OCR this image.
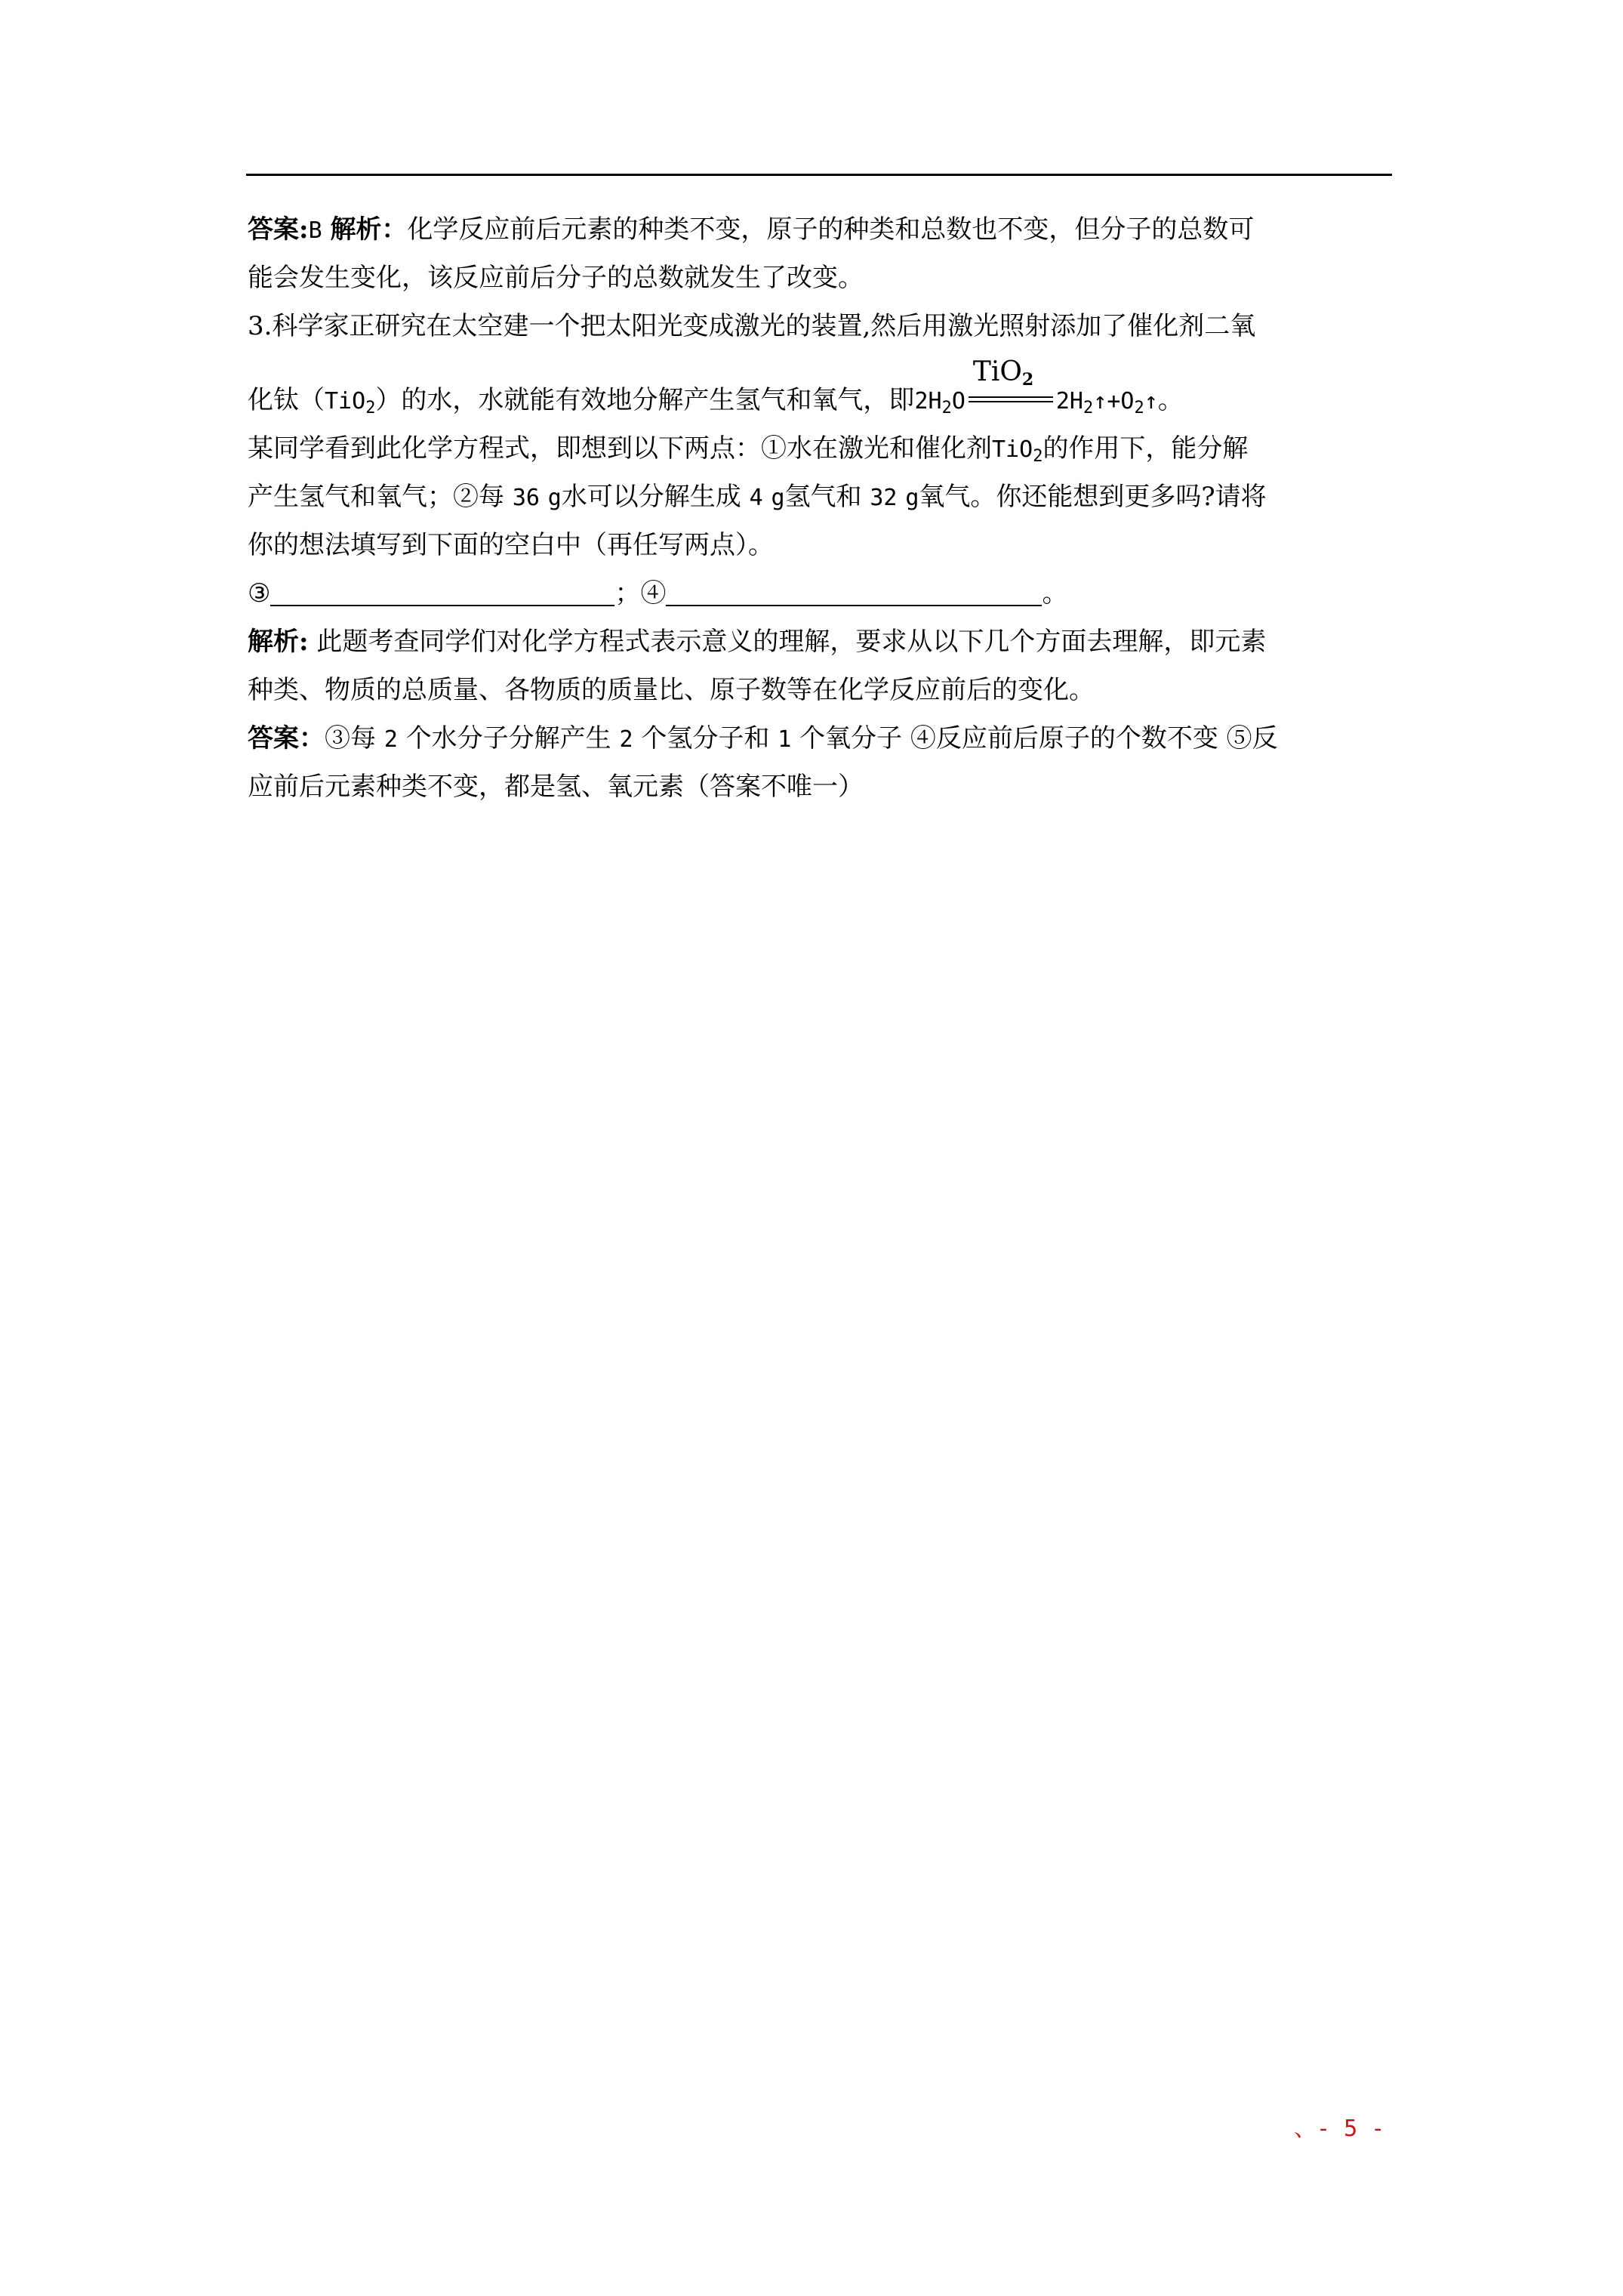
答案:B 解析：化学反应前后元素的种类不变，原子的种类和总数也不变，但分子的总数可
能会发生变化，该反应前后分子的总数就发生了改变。
3.科学家正研究在太空建一个把太阳光变成激光的装置,然后用激光照射添加了催化剂二氧
化钛（TiO$_2$）的水，水就能有效地分解产生氢气和氧气，即$2H_2O$
TiO2
$2H_2↑+O_2↑$。
某同学看到此化学方程式，即想到以下两点：①水在激光和催化剂TiO$_2$的作用下，能分解
产生氢气和氧气；②每 36 g水可以分解生成 4 g氢气和 32 g氧气。你还能想到更多吗?请将
你的想法填写到下面的空白中（再任写两点）。
③	；④	。
解析: 此题考查同学们对化学方程式表示意义的理解，要求从以下几个方面去理解，即元素
种类、物质的总质量、各物质的质量比、原子数等在化学反应前后的变化。
答案：③每 2 个水分子分解产生 2 个氢分子和 1 个氧分子 ④反应前后原子的个数不变 ⑤反
应前后元素种类不变，都是氢、氧元素（答案不唯一）
、- 5 -
